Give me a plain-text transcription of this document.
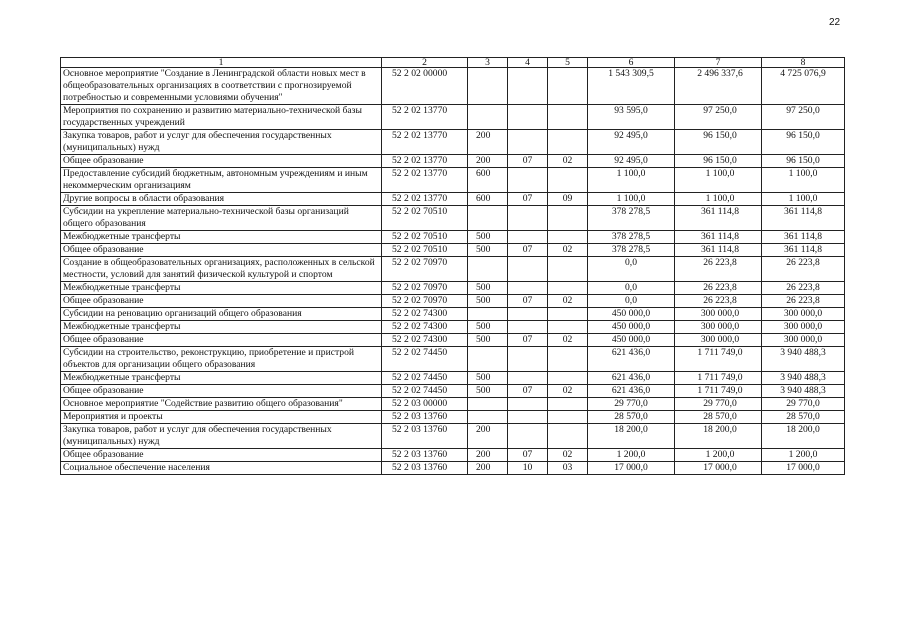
22
1	2	3	4	5	6	7	8
Основное мероприятие "Создание в Ленинградской области новых мест в общеобразовательных организациях в соответствии с прогнозируемой потребностью и современными условиями обучения"	52 2 02 00000				1 543 309,5	2 496 337,6	4 725 076,9
Мероприятия по сохранению и развитию материально-технической базы государственных учреждений	52 2 02 13770				93 595,0	97 250,0	97 250,0
Закупка товаров, работ и услуг для обеспечения государственных (муниципальных) нужд	52 2 02 13770	200			92 495,0	96 150,0	96 150,0
Общее образование	52 2 02 13770	200	07	02	92 495,0	96 150,0	96 150,0
Предоставление субсидий бюджетным, автономным учреждениям и иным некоммерческим организациям	52 2 02 13770	600			1 100,0	1 100,0	1 100,0
Другие вопросы в области образования	52 2 02 13770	600	07	09	1 100,0	1 100,0	1 100,0
Субсидии на укрепление материально-технической базы организаций общего образования	52 2 02 70510				378 278,5	361 114,8	361 114,8
Межбюджетные трансферты	52 2 02 70510	500			378 278,5	361 114,8	361 114,8
Общее образование	52 2 02 70510	500	07	02	378 278,5	361 114,8	361 114,8
Создание в общеобразовательных организациях, расположенных в сельской местности, условий для занятий физической культурой и спортом	52 2 02 70970				0,0	26 223,8	26 223,8
Межбюджетные трансферты	52 2 02 70970	500			0,0	26 223,8	26 223,8
Общее образование	52 2 02 70970	500	07	02	0,0	26 223,8	26 223,8
Субсидии на реновацию организаций общего образования	52 2 02 74300				450 000,0	300 000,0	300 000,0
Межбюджетные трансферты	52 2 02 74300	500			450 000,0	300 000,0	300 000,0
Общее образование	52 2 02 74300	500	07	02	450 000,0	300 000,0	300 000,0
Субсидии на строительство, реконструкцию, приобретение и пристрой объектов для организации общего образования	52 2 02 74450				621 436,0	1 711 749,0	3 940 488,3
Межбюджетные трансферты	52 2 02 74450	500			621 436,0	1 711 749,0	3 940 488,3
Общее образование	52 2 02 74450	500	07	02	621 436,0	1 711 749,0	3 940 488,3
Основное мероприятие "Содействие развитию общего образования"	52 2 03 00000				29 770,0	29 770,0	29 770,0
Мероприятия и проекты	52 2 03 13760				28 570,0	28 570,0	28 570,0
Закупка товаров, работ и услуг для обеспечения государственных (муниципальных) нужд	52 2 03 13760	200			18 200,0	18 200,0	18 200,0
Общее образование	52 2 03 13760	200	07	02	1 200,0	1 200,0	1 200,0
Социальное обеспечение населения	52 2 03 13760	200	10	03	17 000,0	17 000,0	17 000,0
